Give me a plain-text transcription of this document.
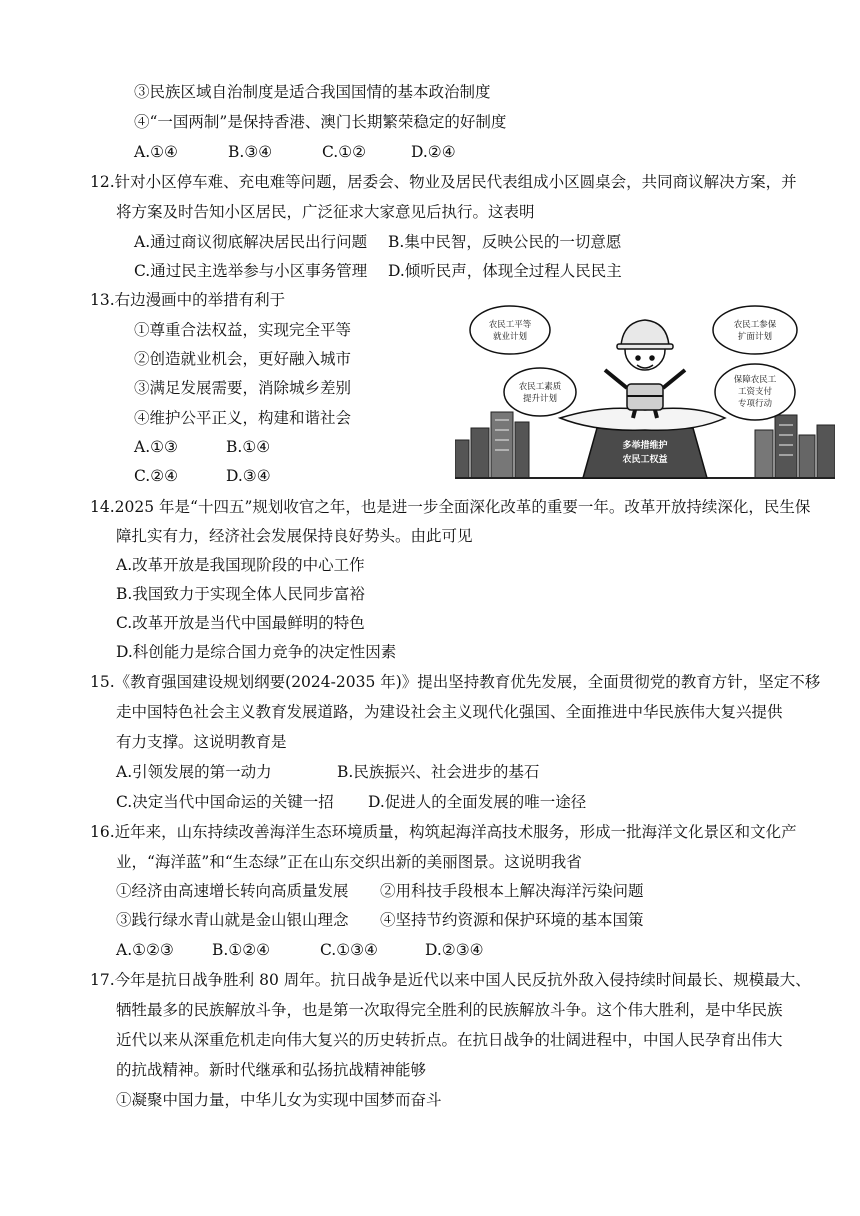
③民族区域自治制度是适合我国国情的基本政治制度
④“一国两制”是保持香港、澳门长期繁荣稳定的好制度
A.①④	B.③④	C.①②	D.②④
12.针对小区停车难、充电难等问题，居委会、物业及居民代表组成小区圆桌会，共同商议解决方案，并
将方案及时告知小区居民，广泛征求大家意见后执行。这表明
A.通过商议彻底解决居民出行问题 B.集中民智，反映公民的一切意愿
C.通过民主选举参与小区事务管理 D.倾听民声，体现全过程人民民主
13.右边漫画中的举措有利于
①尊重合法权益，实现完全平等
②创造就业机会，更好融入城市
③满足发展需要，消除城乡差别
④维护公平正义，构建和谐社会
A.①③	B.①④
C.②④	D.③④
农民工平等
就业计划
农民工参保
扩面计划
农民工素质
提升计划
保障农民工
工资支付
专项行动
多举措维护
农民工权益
14.2025 年是“十四五”规划收官之年，也是进一步全面深化改革的重要一年。改革开放持续深化，民生保
障扎实有力，经济社会发展保持良好势头。由此可见
A.改革开放是我国现阶段的中心工作
B.我国致力于实现全体人民同步富裕
C.改革开放是当代中国最鲜明的特色
D.科创能力是综合国力竞争的决定性因素
15.《教育强国建设规划纲要(2024-2035 年)》提出坚持教育优先发展，全面贯彻党的教育方针，坚定不移
走中国特色社会主义教育发展道路，为建设社会主义现代化强国、全面推进中华民族伟大复兴提供
有力支撑。这说明教育是
A.引领发展的第一动力	B.民族振兴、社会进步的基石
C.决定当代中国命运的关键一招 D.促进人的全面发展的唯一途径
16.近年来，山东持续改善海洋生态环境质量，构筑起海洋高技术服务，形成一批海洋文化景区和文化产
业，“海洋蓝”和“生态绿”正在山东交织出新的美丽图景。这说明我省
①经济由高速增长转向高质量发展 ②用科技手段根本上解决海洋污染问题
③践行绿水青山就是金山银山理念 ④坚持节约资源和保护环境的基本国策
A.①②③ B.①②④	C.①③④	D.②③④
17.今年是抗日战争胜利 80 周年。抗日战争是近代以来中国人民反抗外敌入侵持续时间最长、规模最大、
牺牲最多的民族解放斗争，也是第一次取得完全胜利的民族解放斗争。这个伟大胜利，是中华民族
近代以来从深重危机走向伟大复兴的历史转折点。在抗日战争的壮阔进程中，中国人民孕育出伟大
的抗战精神。新时代继承和弘扬抗战精神能够
①凝聚中国力量，中华儿女为实现中国梦而奋斗
